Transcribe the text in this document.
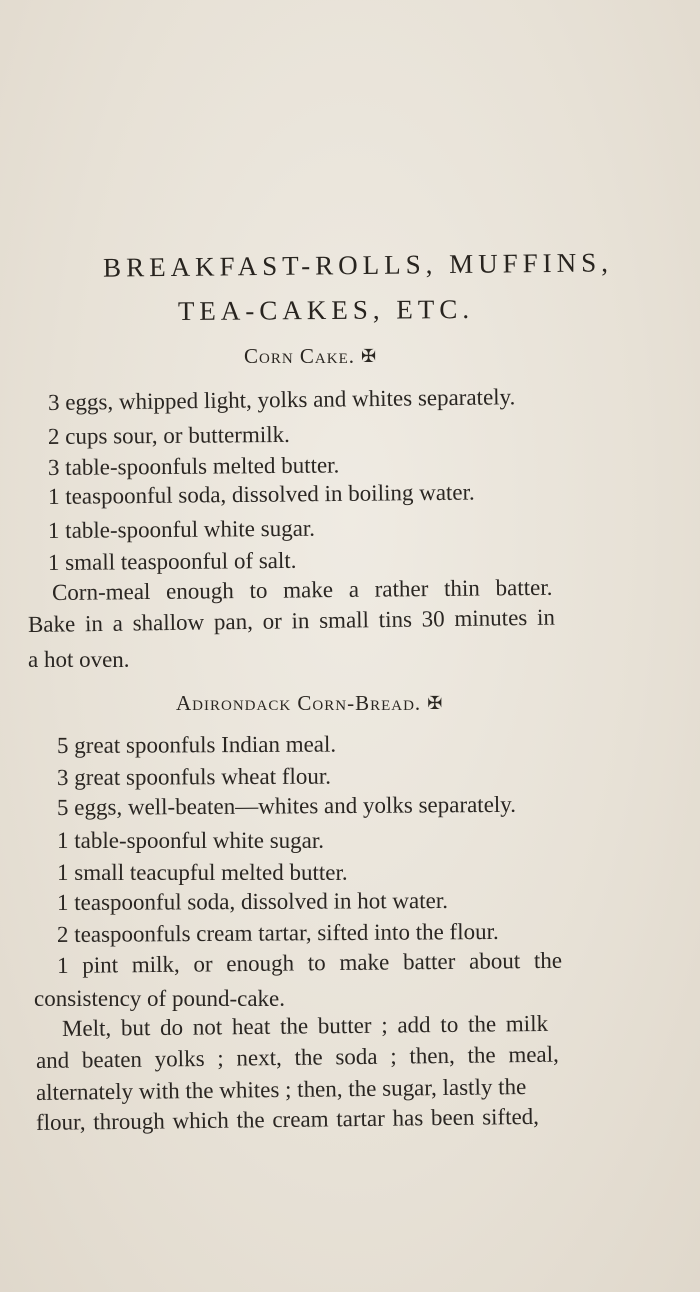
BREAKFAST-ROLLS, MUFFINS,
TEA-CAKES, ETC.
Corn Cake. ✠
3 eggs, whipped light, yolks and whites separately.
2 cups sour, or buttermilk.
3 table-spoonfuls melted butter.
1 teaspoonful soda, dissolved in boiling water.
1 table-spoonful white sugar.
1 small teaspoonful of salt.
Corn-meal enough to make a rather thin batter.
Bake in a shallow pan, or in small tins 30 minutes in
a hot oven.
Adirondack Corn-Bread. ✠
5 great spoonfuls Indian meal.
3 great spoonfuls wheat flour.
5 eggs, well-beaten—whites and yolks separately.
1 table-spoonful white sugar.
1 small teacupful melted butter.
1 teaspoonful soda, dissolved in hot water.
2 teaspoonfuls cream tartar, sifted into the flour.
1 pint milk, or enough to make batter about the
consistency of pound-cake.
Melt, but do not heat the butter ; add to the milk
and beaten yolks ; next, the soda ; then, the meal,
alternately with the whites ; then, the sugar, lastly the
flour, through which the cream tartar has been sifted,
